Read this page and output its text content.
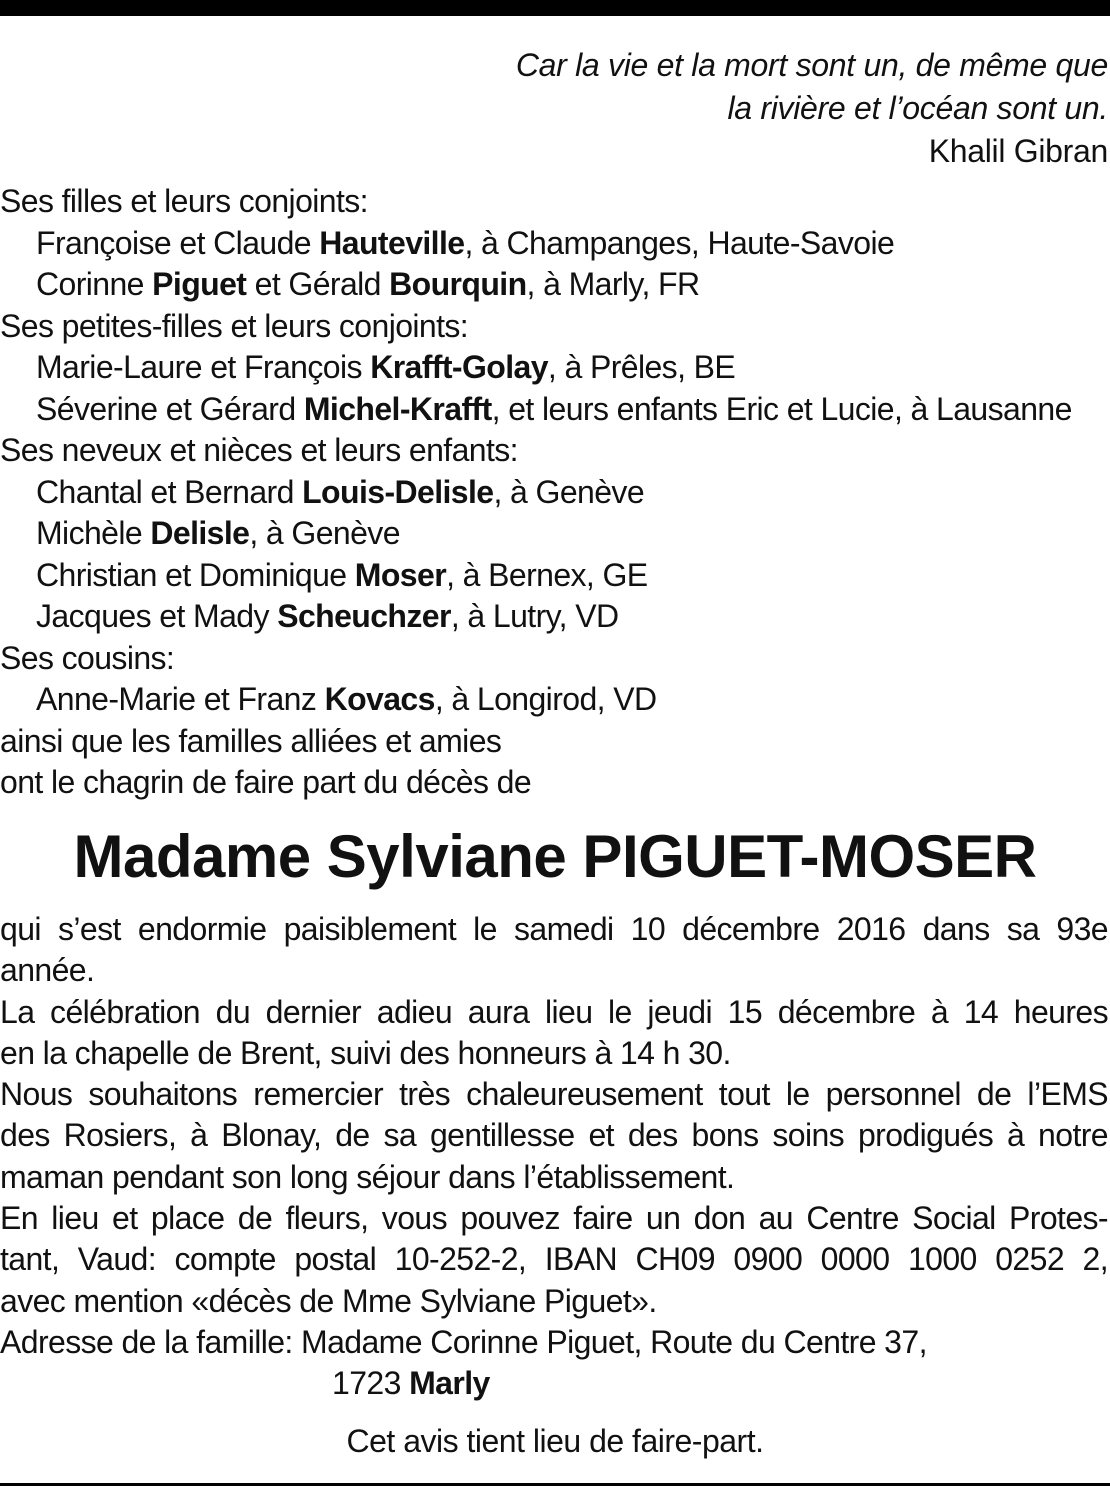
Car la vie et la mort sont un, de même que
la rivière et l’océan sont un.
Khalil Gibran
Ses filles et leurs conjoints:
Françoise et Claude Hauteville, à Champanges, Haute-Savoie
Corinne Piguet et Gérald Bourquin, à Marly, FR
Ses petites-filles et leurs conjoints:
Marie-Laure et François Krafft-Golay, à Prêles, BE
Séverine et Gérard Michel-Krafft, et leurs enfants Eric et Lucie, à Lausanne
Ses neveux et nièces et leurs enfants:
Chantal et Bernard Louis-Delisle, à Genève
Michèle Delisle, à Genève
Christian et Dominique Moser, à Bernex, GE
Jacques et Mady Scheuchzer, à Lutry, VD
Ses cousins:
Anne-Marie et Franz Kovacs, à Longirod, VD
ainsi que les familles alliées et amies
ont le chagrin de faire part du décès de
Madame Sylviane PIGUET-MOSER
qui s’est endormie paisiblement le samedi 10 décembre 2016 dans sa 93e
année.
La célébration du dernier adieu aura lieu le jeudi 15 décembre à 14 heures
en la chapelle de Brent, suivi des honneurs à 14 h 30.
Nous souhaitons remercier très chaleureusement tout le personnel de l’EMS
des Rosiers, à Blonay, de sa gentillesse et des bons soins prodigués à notre
maman pendant son long séjour dans l’établissement.
En lieu et place de fleurs, vous pouvez faire un don au Centre Social Protes-
tant, Vaud: compte postal 10-252-2, IBAN CH09 0900 0000 1000 0252 2,
avec mention «décès de Mme Sylviane Piguet».
Adresse de la famille: Madame Corinne Piguet, Route du Centre 37,
1723 Marly
Cet avis tient lieu de faire-part.
